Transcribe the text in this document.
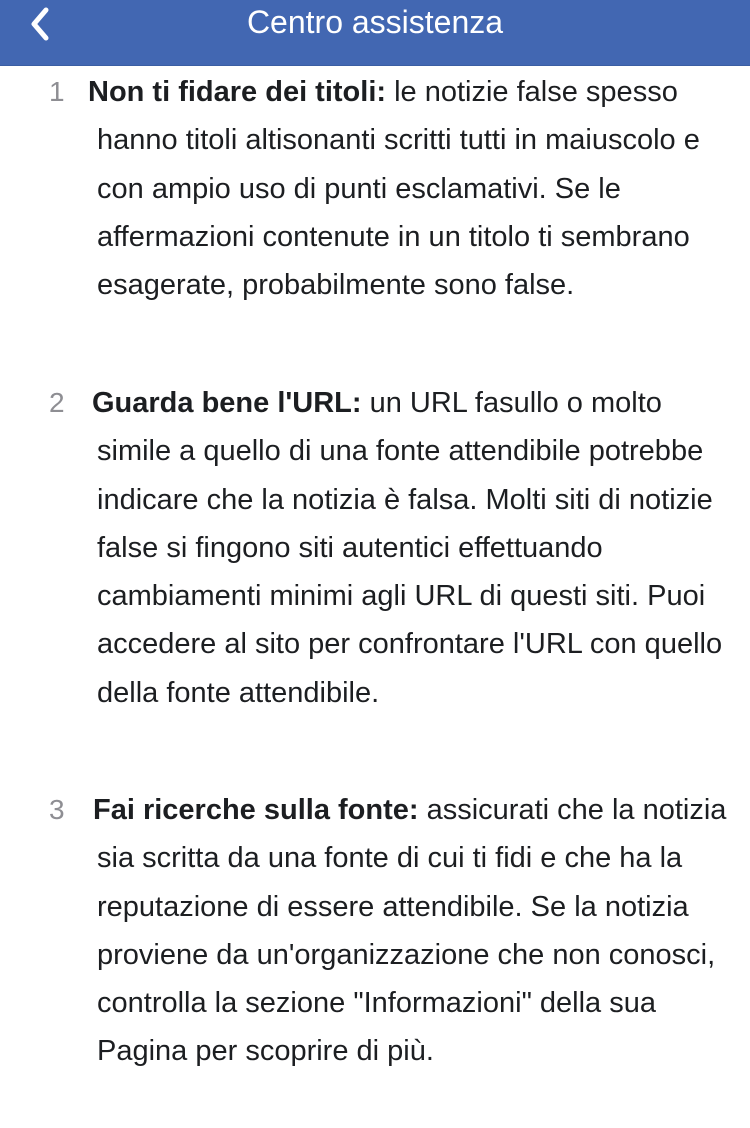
Centro assistenza
1 Non ti fidare dei titoli: le notizie false spesso hanno titoli altisonanti scritti tutti in maiuscolo e con ampio uso di punti esclamativi. Se le affermazioni contenute in un titolo ti sembrano esagerate, probabilmente sono false.
2 Guarda bene l'URL: un URL fasullo o molto simile a quello di una fonte attendibile potrebbe indicare che la notizia è falsa. Molti siti di notizie false si fingono siti autentici effettuando cambiamenti minimi agli URL di questi siti. Puoi accedere al sito per confrontare l'URL con quello della fonte attendibile.
3 Fai ricerche sulla fonte: assicurati che la notizia sia scritta da una fonte di cui ti fidi e che ha la reputazione di essere attendibile. Se la notizia proviene da un'organizzazione che non conosci, controlla la sezione "Informazioni" della sua Pagina per scoprire di più.
